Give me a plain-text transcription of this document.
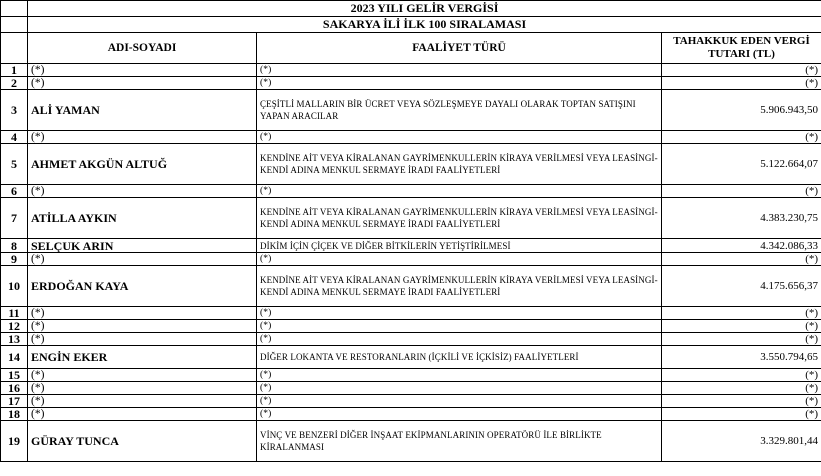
	2023 YILI GELİR VERGİSİ		
	SAKARYA İLİ İLK 100 SIRALAMASI		
	ADI-SOYADI	FAALİYET TÜRÜ	TAHAKKUK EDEN VERGİ TUTARI (TL)
1	(*)	(*)	(*)
2	(*)	(*)	(*)
3	ALİ YAMAN	ÇEŞİTLİ MALLARIN BİR ÜCRET VEYA SÖZLEŞMEYE DAYALI OLARAK TOPTAN SATIŞINI YAPAN ARACILAR	5.906.943,50
4	(*)	(*)	(*)
5	AHMET AKGÜN ALTUĞ	KENDİNE AİT VEYA KİRALANAN GAYRİMENKULLERİN KİRAYA VERİLMESİ VEYA LEASİNGİ-KENDİ ADINA MENKUL SERMAYE İRADI FAALİYETLERİ	5.122.664,07
6	(*)	(*)	(*)
7	ATİLLA AYKIN	KENDİNE AİT VEYA KİRALANAN GAYRİMENKULLERİN KİRAYA VERİLMESİ VEYA LEASİNGİ-KENDİ ADINA MENKUL SERMAYE İRADI FAALİYETLERİ	4.383.230,75
8	SELÇUK ARIN	DİKİM İÇİN ÇİÇEK VE DİĞER BİTKİLERİN YETİŞTİRİLMESİ	4.342.086,33
9	(*)	(*)	(*)
10	ERDOĞAN KAYA	KENDİNE AİT VEYA KİRALANAN GAYRİMENKULLERİN KİRAYA VERİLMESİ VEYA LEASİNGİ-KENDİ ADINA MENKUL SERMAYE İRADI FAALİYETLERİ	4.175.656,37
11	(*)	(*)	(*)
12	(*)	(*)	(*)
13	(*)	(*)	(*)
14	ENGİN EKER	DİĞER LOKANTA VE RESTORANLARIN (İÇKİLİ VE İÇKİSİZ) FAALİYETLERİ	3.550.794,65
15	(*)	(*)	(*)
16	(*)	(*)	(*)
17	(*)	(*)	(*)
18	(*)	(*)	(*)
19	GÜRAY TUNCA	VİNÇ VE BENZERİ DİĞER İNŞAAT EKİPMANLARININ OPERATÖRÜ İLE BİRLİKTE KİRALANMASI	3.329.801,44
